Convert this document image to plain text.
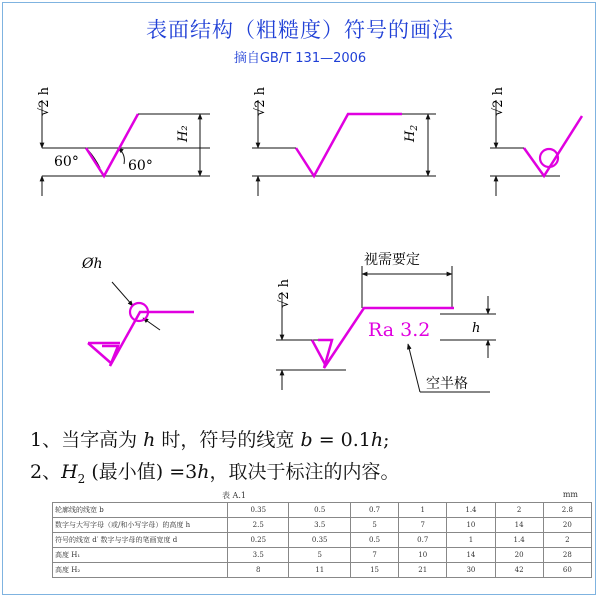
表面结构（粗糙度）符号的画法
摘自GB/T 131—2006
√2 h
60°	60°
H₂
√2 h
$H_2$
√2 h
Øh
√2 h
视需要定
Ra 3.2	h
空半格
1、当字高为 h 时，符号的线宽 b = 0.1h;
2、$H_2$ (最小值) =3h，取决于标注的内容。
表 A.1	mm
轮廓线的线宽 b	0.35	0.5	0.7	1	1.4	2	2.8
数字与大写字母（或/和小写字母）的高度 h	2.5	3.5	5	7	10	14	20
符号的线宽 d′ 数字与字母的笔画宽度 d	0.25	0.35	0.5	0.7	1	1.4	2
高度 H₁	3.5	5	7	10	14	20	28
高度 H₂	8	11	15	21	30	42	60
